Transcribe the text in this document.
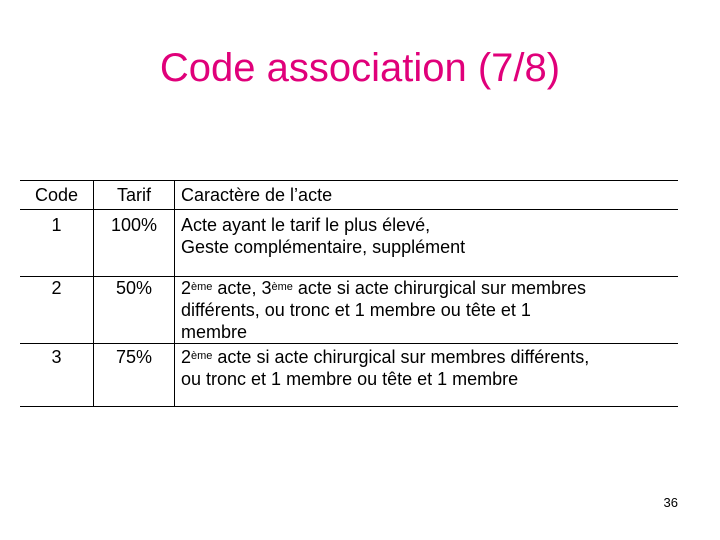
Code association (7/8)
Code	Tarif	Caractère de l’acte
1	100%	Acte ayant le tarif le plus élevé,
Geste complémentaire, supplément

2	50%	2ème acte, 3ème acte si acte chirurgical sur membres
différents, ou tronc et 1 membre ou tête et 1
membre

3	75%	2ème acte si acte chirurgical sur membres différents,
ou tronc et 1 membre ou tête et 1 membre
36
